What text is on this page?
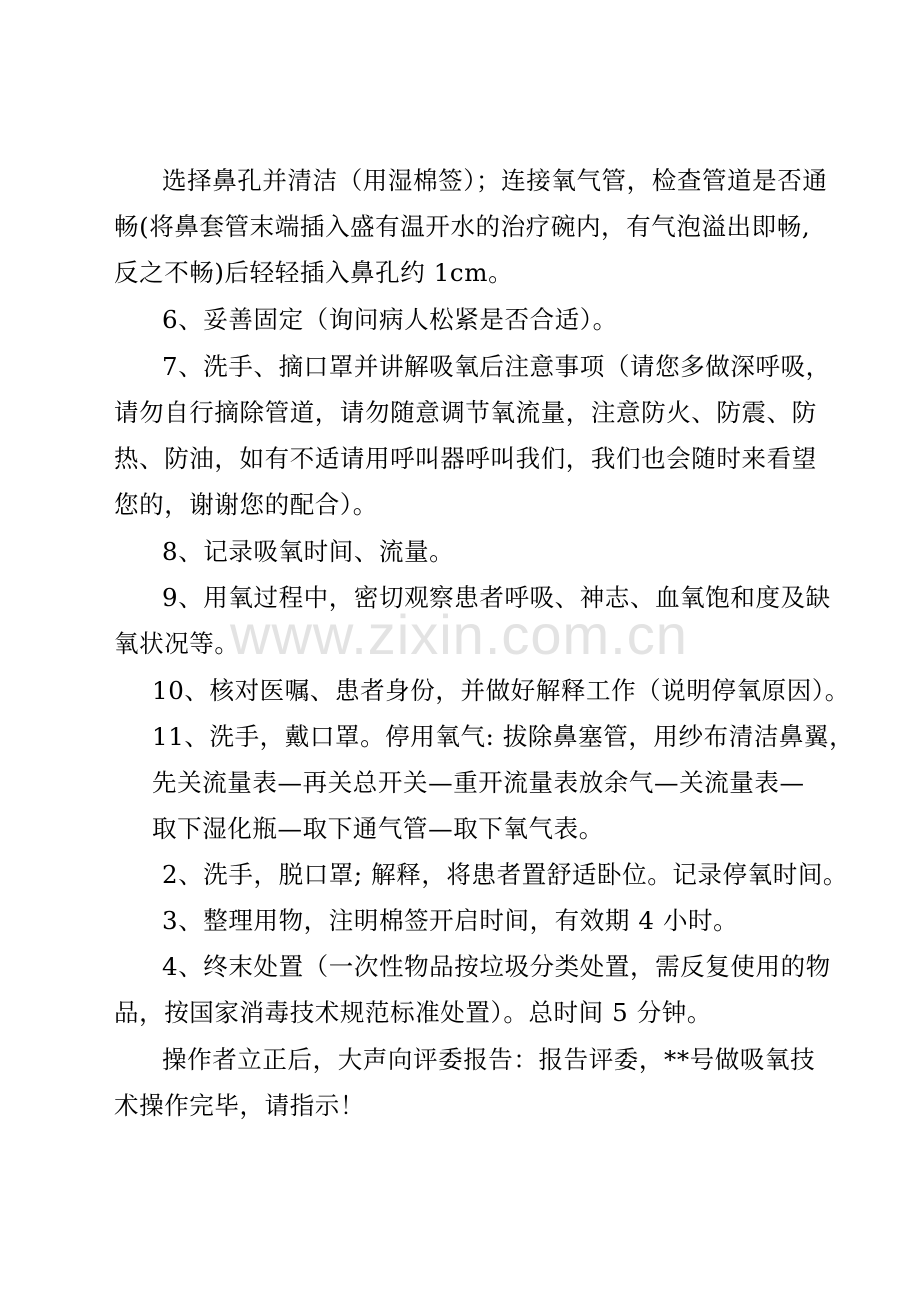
www.zixin.com.cn
选择鼻孔并清洁（用湿棉签）；连接氧气管，检查管道是否通
畅(将鼻套管末端插入盛有温开水的治疗碗内，有气泡溢出即畅,
反之不畅)后轻轻插入鼻孔约 1cm。
6、妥善固定（询问病人松紧是否合适）。
7、洗手、摘口罩并讲解吸氧后注意事项（请您多做深呼吸，
请勿自行摘除管道，请勿随意调节氧流量，注意防火、防震、防
热、防油，如有不适请用呼叫器呼叫我们，我们也会随时来看望
您的，谢谢您的配合）。
8、记录吸氧时间、流量。
9、用氧过程中，密切观察患者呼吸、神志、血氧饱和度及缺
氧状况等。
10、核对医嘱、患者身份，并做好解释工作（说明停氧原因）。
11、洗手，戴口罩。停用氧气: 拔除鼻塞管，用纱布清洁鼻翼，
先关流量表—再关总开关—重开流量表放余气—关流量表—
取下湿化瓶—取下通气管—取下氧气表。
2、洗手，脱口罩; 解释，将患者置舒适卧位。记录停氧时间。
3、整理用物，注明棉签开启时间，有效期 4 小时。
4、终末处置（一次性物品按垃圾分类处置，需反复使用的物
品，按国家消毒技术规范标准处置）。总时间 5 分钟。
操作者立正后，大声向评委报告：报告评委，**号做吸氧技
术操作完毕，请指示！
